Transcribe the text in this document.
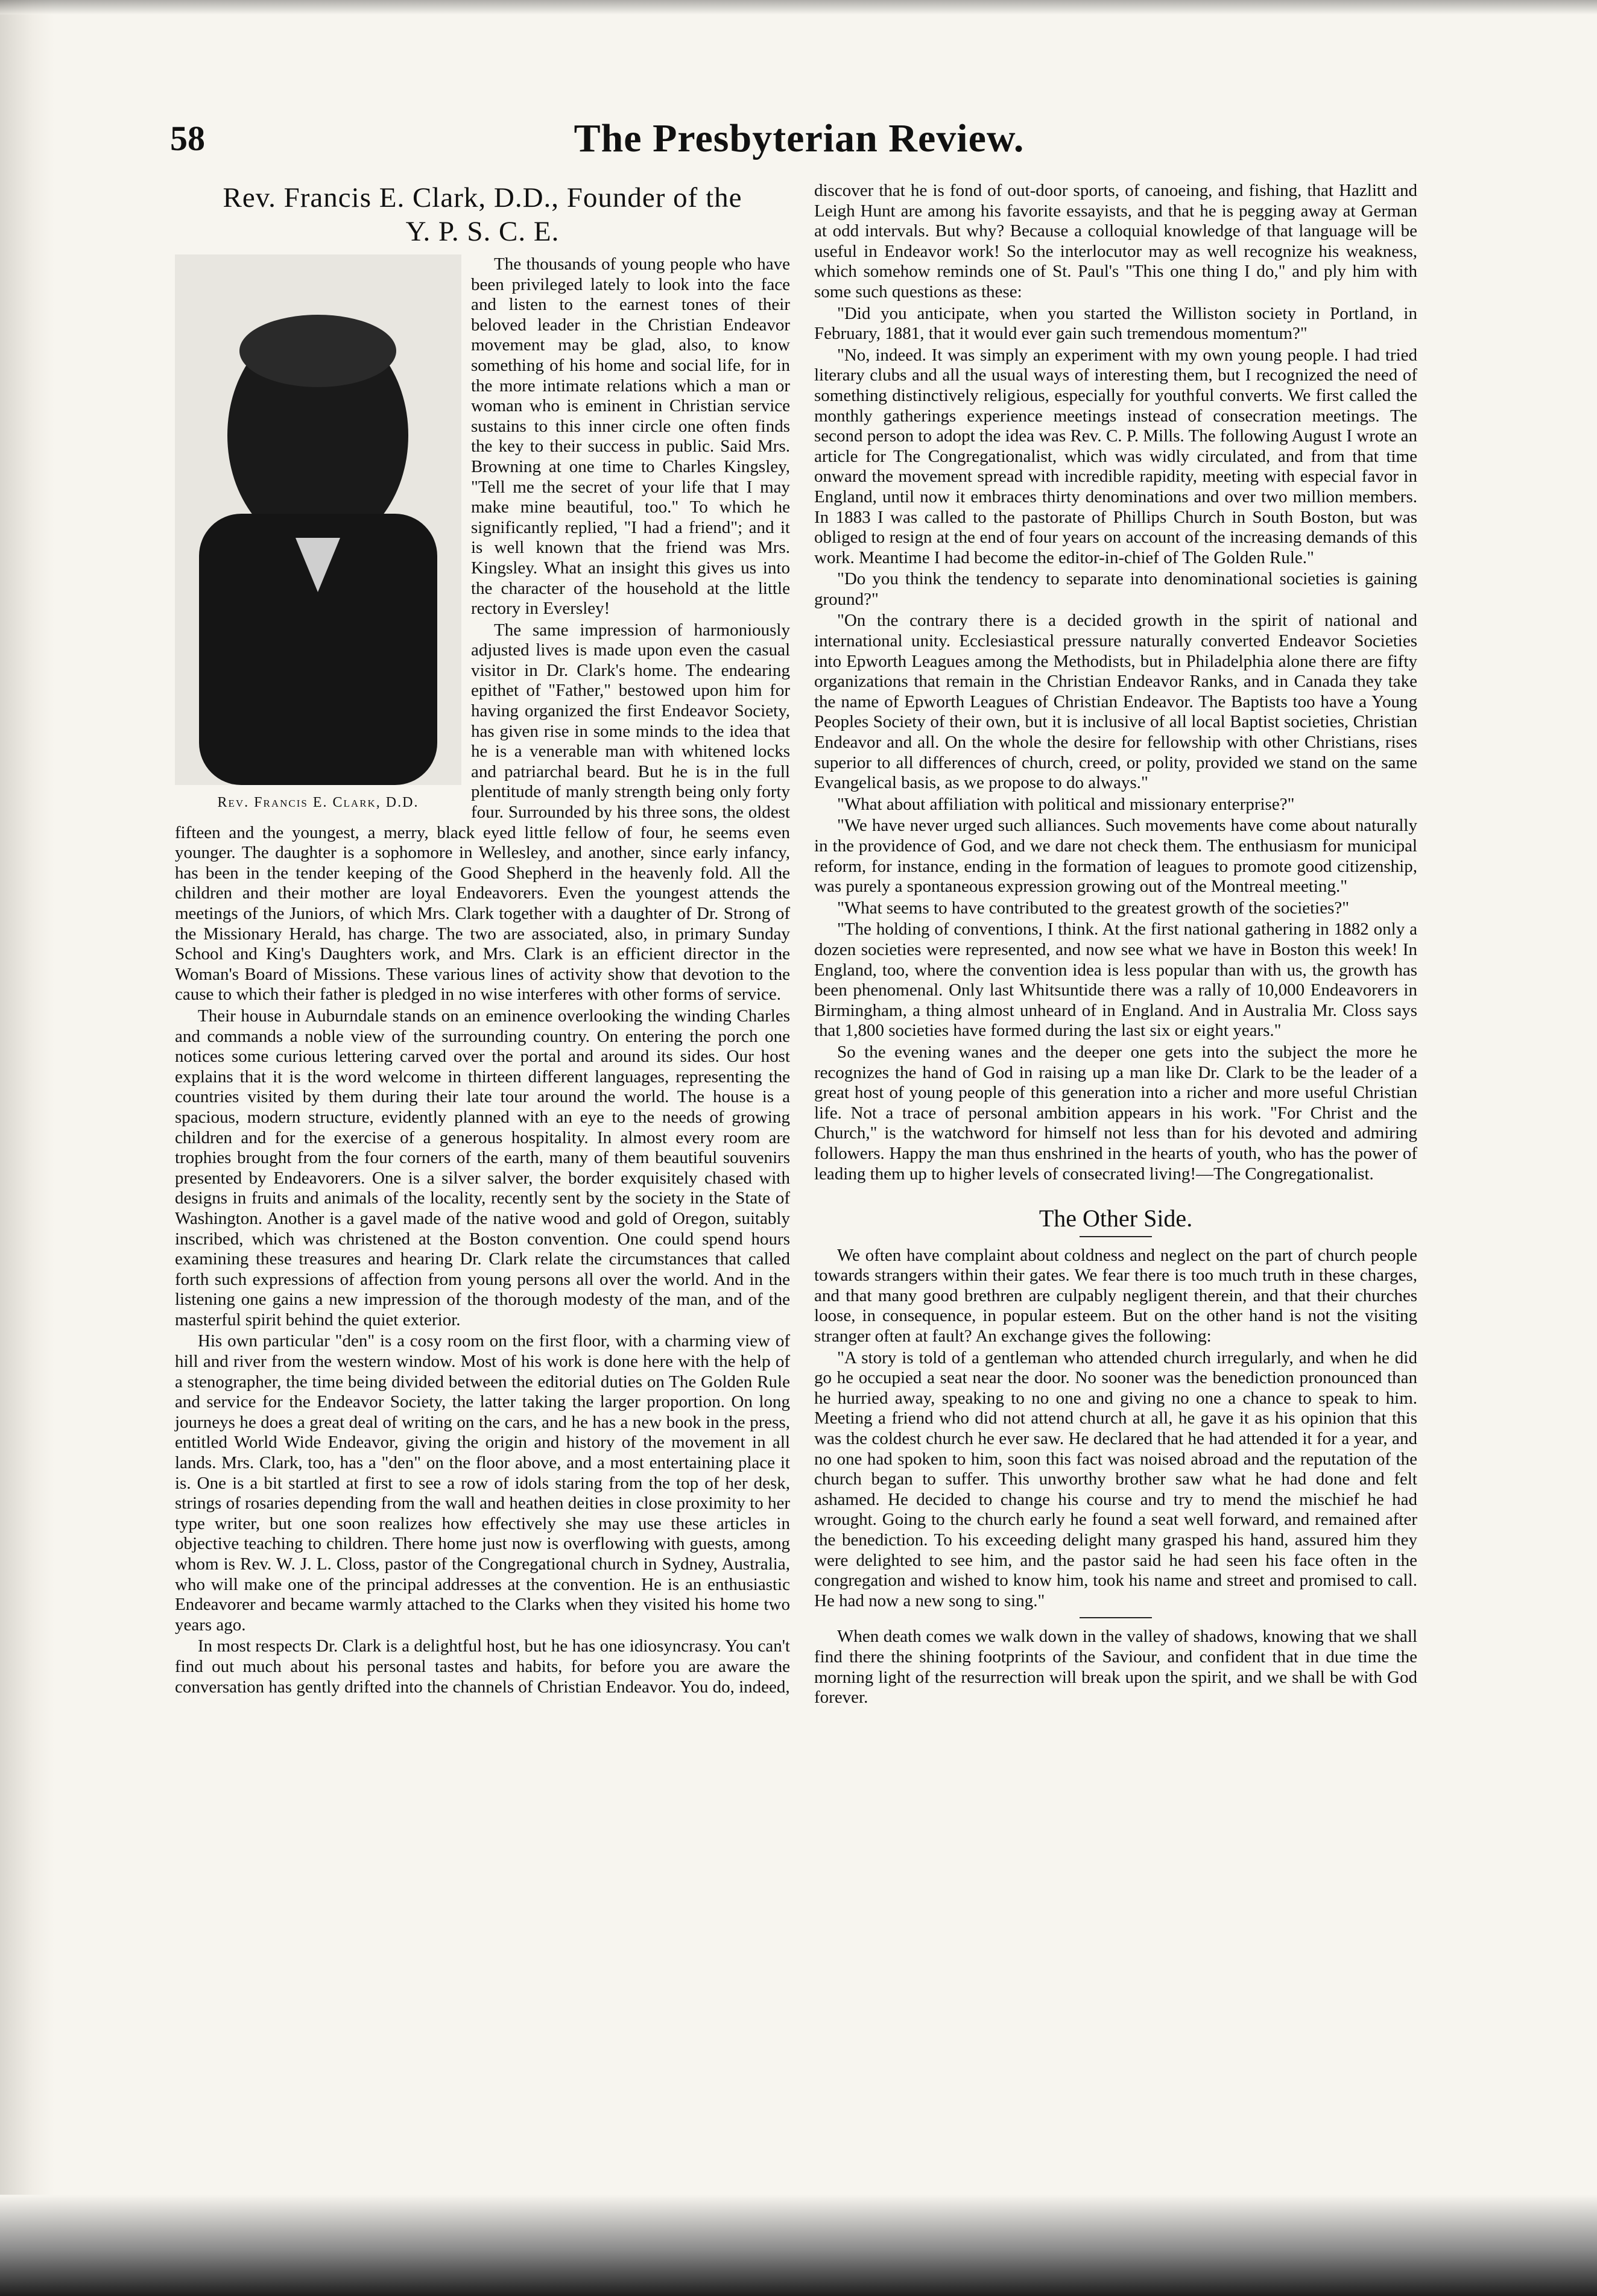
58	The Presbyterian Review.
Rev. Francis E. Clark, D.D., Founder of the
Y. P. S. C. E.
Rev. Francis E. Clark, D.D.

The thousands of young people who have been privileged lately to look into the face and listen to the earnest tones of their beloved leader in the Christian Endeavor movement may be glad, also, to know something of his home and social life, for in the more intimate relations which a man or woman who is eminent in Christian service sustains to this inner circle one often finds the key to their success in public. Said Mrs. Browning at one time to Charles Kingsley, "Tell me the secret of your life that I may make mine beautiful, too." To which he significantly replied, "I had a friend"; and it is well known that the friend was Mrs. Kingsley. What an insight this gives us into the character of the household at the little rectory in Eversley!

The same impression of harmoniously adjusted lives is made upon even the casual visitor in Dr. Clark's home. The endearing epithet of "Father," bestowed upon him for having organized the first Endeavor Society, has given rise in some minds to the idea that he is a venerable man with whitened locks and patriarchal beard. But he is in the full plentitude of manly strength being only forty four. Surrounded by his three sons, the oldest fifteen and the youngest, a merry, black eyed little fellow of four, he seems even younger. The daughter is a sophomore in Wellesley, and another, since early infancy, has been in the tender keeping of the Good Shepherd in the heavenly fold. All the children and their mother are loyal Endeavorers. Even the youngest attends the meetings of the Juniors, of which Mrs. Clark together with a daughter of Dr. Strong of the Missionary Herald, has charge. The two are associated, also, in primary Sunday School and King's Daughters work, and Mrs. Clark is an efficient director in the Woman's Board of Missions. These various lines of activity show that devotion to the cause to which their father is pledged in no wise interferes with other forms of service.

Their house in Auburndale stands on an eminence overlooking the winding Charles and commands a noble view of the surrounding country. On entering the porch one notices some curious lettering carved over the portal and around its sides. Our host explains that it is the word welcome in thirteen different languages, representing the countries visited by them during their late tour around the world. The house is a spacious, modern structure, evidently planned with an eye to the needs of growing children and for the exercise of a generous hospitality. In almost every room are trophies brought from the four corners of the earth, many of them beautiful souvenirs presented by Endeavorers. One is a silver salver, the border exquisitely chased with designs in fruits and animals of the locality, recently sent by the society in the State of Washington. Another is a gavel made of the native wood and gold of Oregon, suitably inscribed, which was christened at the Boston convention. One could spend hours examining these treasures and hearing Dr. Clark relate the circumstances that called forth such expressions of affection from young persons all over the world. And in the listening one gains a new impression of the thorough modesty of the man, and of the masterful spirit behind the quiet exterior.

His own particular "den" is a cosy room on the first floor, with a charming view of hill and river from the western window. Most of his work is done here with the help of a stenographer, the time being divided between the editorial duties on The Golden Rule and service for the Endeavor Society, the latter taking the larger proportion. On long journeys he does a great deal of writing on the cars, and he has a new book in the press, entitled World Wide Endeavor, giving the origin and history of the movement in all lands. Mrs. Clark, too, has a "den" on the floor above, and a most entertaining place it is. One is a bit startled at first to see a row of idols staring from the top of her desk, strings of rosaries depending from the wall and heathen deities in close proximity to her type writer, but one soon realizes how effectively she may use these articles in objective teaching to children. There home just now is overflowing with guests, among whom is Rev. W. J. L. Closs, pastor of the Congregational church in Sydney, Australia, who will make one of the principal addresses at the convention. He is an enthusiastic Endeavorer and became warmly attached to the Clarks when they visited his home two years ago.

In most respects Dr. Clark is a delightful host, but he has one idiosyncrasy. You can't find out much about his personal tastes and habits, for before you are aware the conversation has gently drifted into the channels of Christian Endeavor. You do, indeed,

discover that he is fond of out-door sports, of canoeing, and fishing, that Hazlitt and Leigh Hunt are among his favorite essayists, and that he is pegging away at German at odd intervals. But why? Because a colloquial knowledge of that language will be useful in Endeavor work! So the interlocutor may as well recognize his weakness, which somehow reminds one of St. Paul's "This one thing I do," and ply him with some such questions as these:

"Did you anticipate, when you started the Williston society in Portland, in February, 1881, that it would ever gain such tremendous momentum?"

"No, indeed. It was simply an experiment with my own young people. I had tried literary clubs and all the usual ways of interesting them, but I recognized the need of something distinctively religious, especially for youthful converts. We first called the monthly gatherings experience meetings instead of consecration meetings. The second person to adopt the idea was Rev. C. P. Mills. The following August I wrote an article for The Congregationalist, which was widly circulated, and from that time onward the movement spread with incredible rapidity, meeting with especial favor in England, until now it embraces thirty denominations and over two million members. In 1883 I was called to the pastorate of Phillips Church in South Boston, but was obliged to resign at the end of four years on account of the increasing demands of this work. Meantime I had become the editor-in-chief of The Golden Rule."

"Do you think the tendency to separate into denominational societies is gaining ground?"

"On the contrary there is a decided growth in the spirit of national and international unity. Ecclesiastical pressure naturally converted Endeavor Societies into Epworth Leagues among the Methodists, but in Philadelphia alone there are fifty organizations that remain in the Christian Endeavor Ranks, and in Canada they take the name of Epworth Leagues of Christian Endeavor. The Baptists too have a Young Peoples Society of their own, but it is inclusive of all local Baptist societies, Christian Endeavor and all. On the whole the desire for fellowship with other Christians, rises superior to all differences of church, creed, or polity, provided we stand on the same Evangelical basis, as we propose to do always."

"What about affiliation with political and missionary enterprise?"

"We have never urged such alliances. Such movements have come about naturally in the providence of God, and we dare not check them. The enthusiasm for municipal reform, for instance, ending in the formation of leagues to promote good citizenship, was purely a spontaneous expression growing out of the Montreal meeting."

"What seems to have contributed to the greatest growth of the societies?"

"The holding of conventions, I think. At the first national gathering in 1882 only a dozen societies were represented, and now see what we have in Boston this week! In England, too, where the convention idea is less popular than with us, the growth has been phenomenal. Only last Whitsuntide there was a rally of 10,000 Endeavorers in Birmingham, a thing almost unheard of in England. And in Australia Mr. Closs says that 1,800 societies have formed during the last six or eight years."

So the evening wanes and the deeper one gets into the subject the more he recognizes the hand of God in raising up a man like Dr. Clark to be the leader of a great host of young people of this generation into a richer and more useful Christian life. Not a trace of personal ambition appears in his work. "For Christ and the Church," is the watchword for himself not less than for his devoted and admiring followers. Happy the man thus enshrined in the hearts of youth, who has the power of leading them up to higher levels of consecrated living!—The Congregationalist.

The Other Side.

We often have complaint about coldness and neglect on the part of church people towards strangers within their gates. We fear there is too much truth in these charges, and that many good brethren are culpably negligent therein, and that their churches loose, in consequence, in popular esteem. But on the other hand is not the visiting stranger often at fault? An exchange gives the following:

"A story is told of a gentleman who attended church irregularly, and when he did go he occupied a seat near the door. No sooner was the benediction pronounced than he hurried away, speaking to no one and giving no one a chance to speak to him. Meeting a friend who did not attend church at all, he gave it as his opinion that this was the coldest church he ever saw. He declared that he had attended it for a year, and no one had spoken to him, soon this fact was noised abroad and the reputation of the church began to suffer. This unworthy brother saw what he had done and felt ashamed. He decided to change his course and try to mend the mischief he had wrought. Going to the church early he found a seat well forward, and remained after the benediction. To his exceeding delight many grasped his hand, assured him they were delighted to see him, and the pastor said he had seen his face often in the congregation and wished to know him, took his name and street and promised to call. He had now a new song to sing."

When death comes we walk down in the valley of shadows, knowing that we shall find there the shining footprints of the Saviour, and confident that in due time the morning light of the resurrection will break upon the spirit, and we shall be with God forever.
